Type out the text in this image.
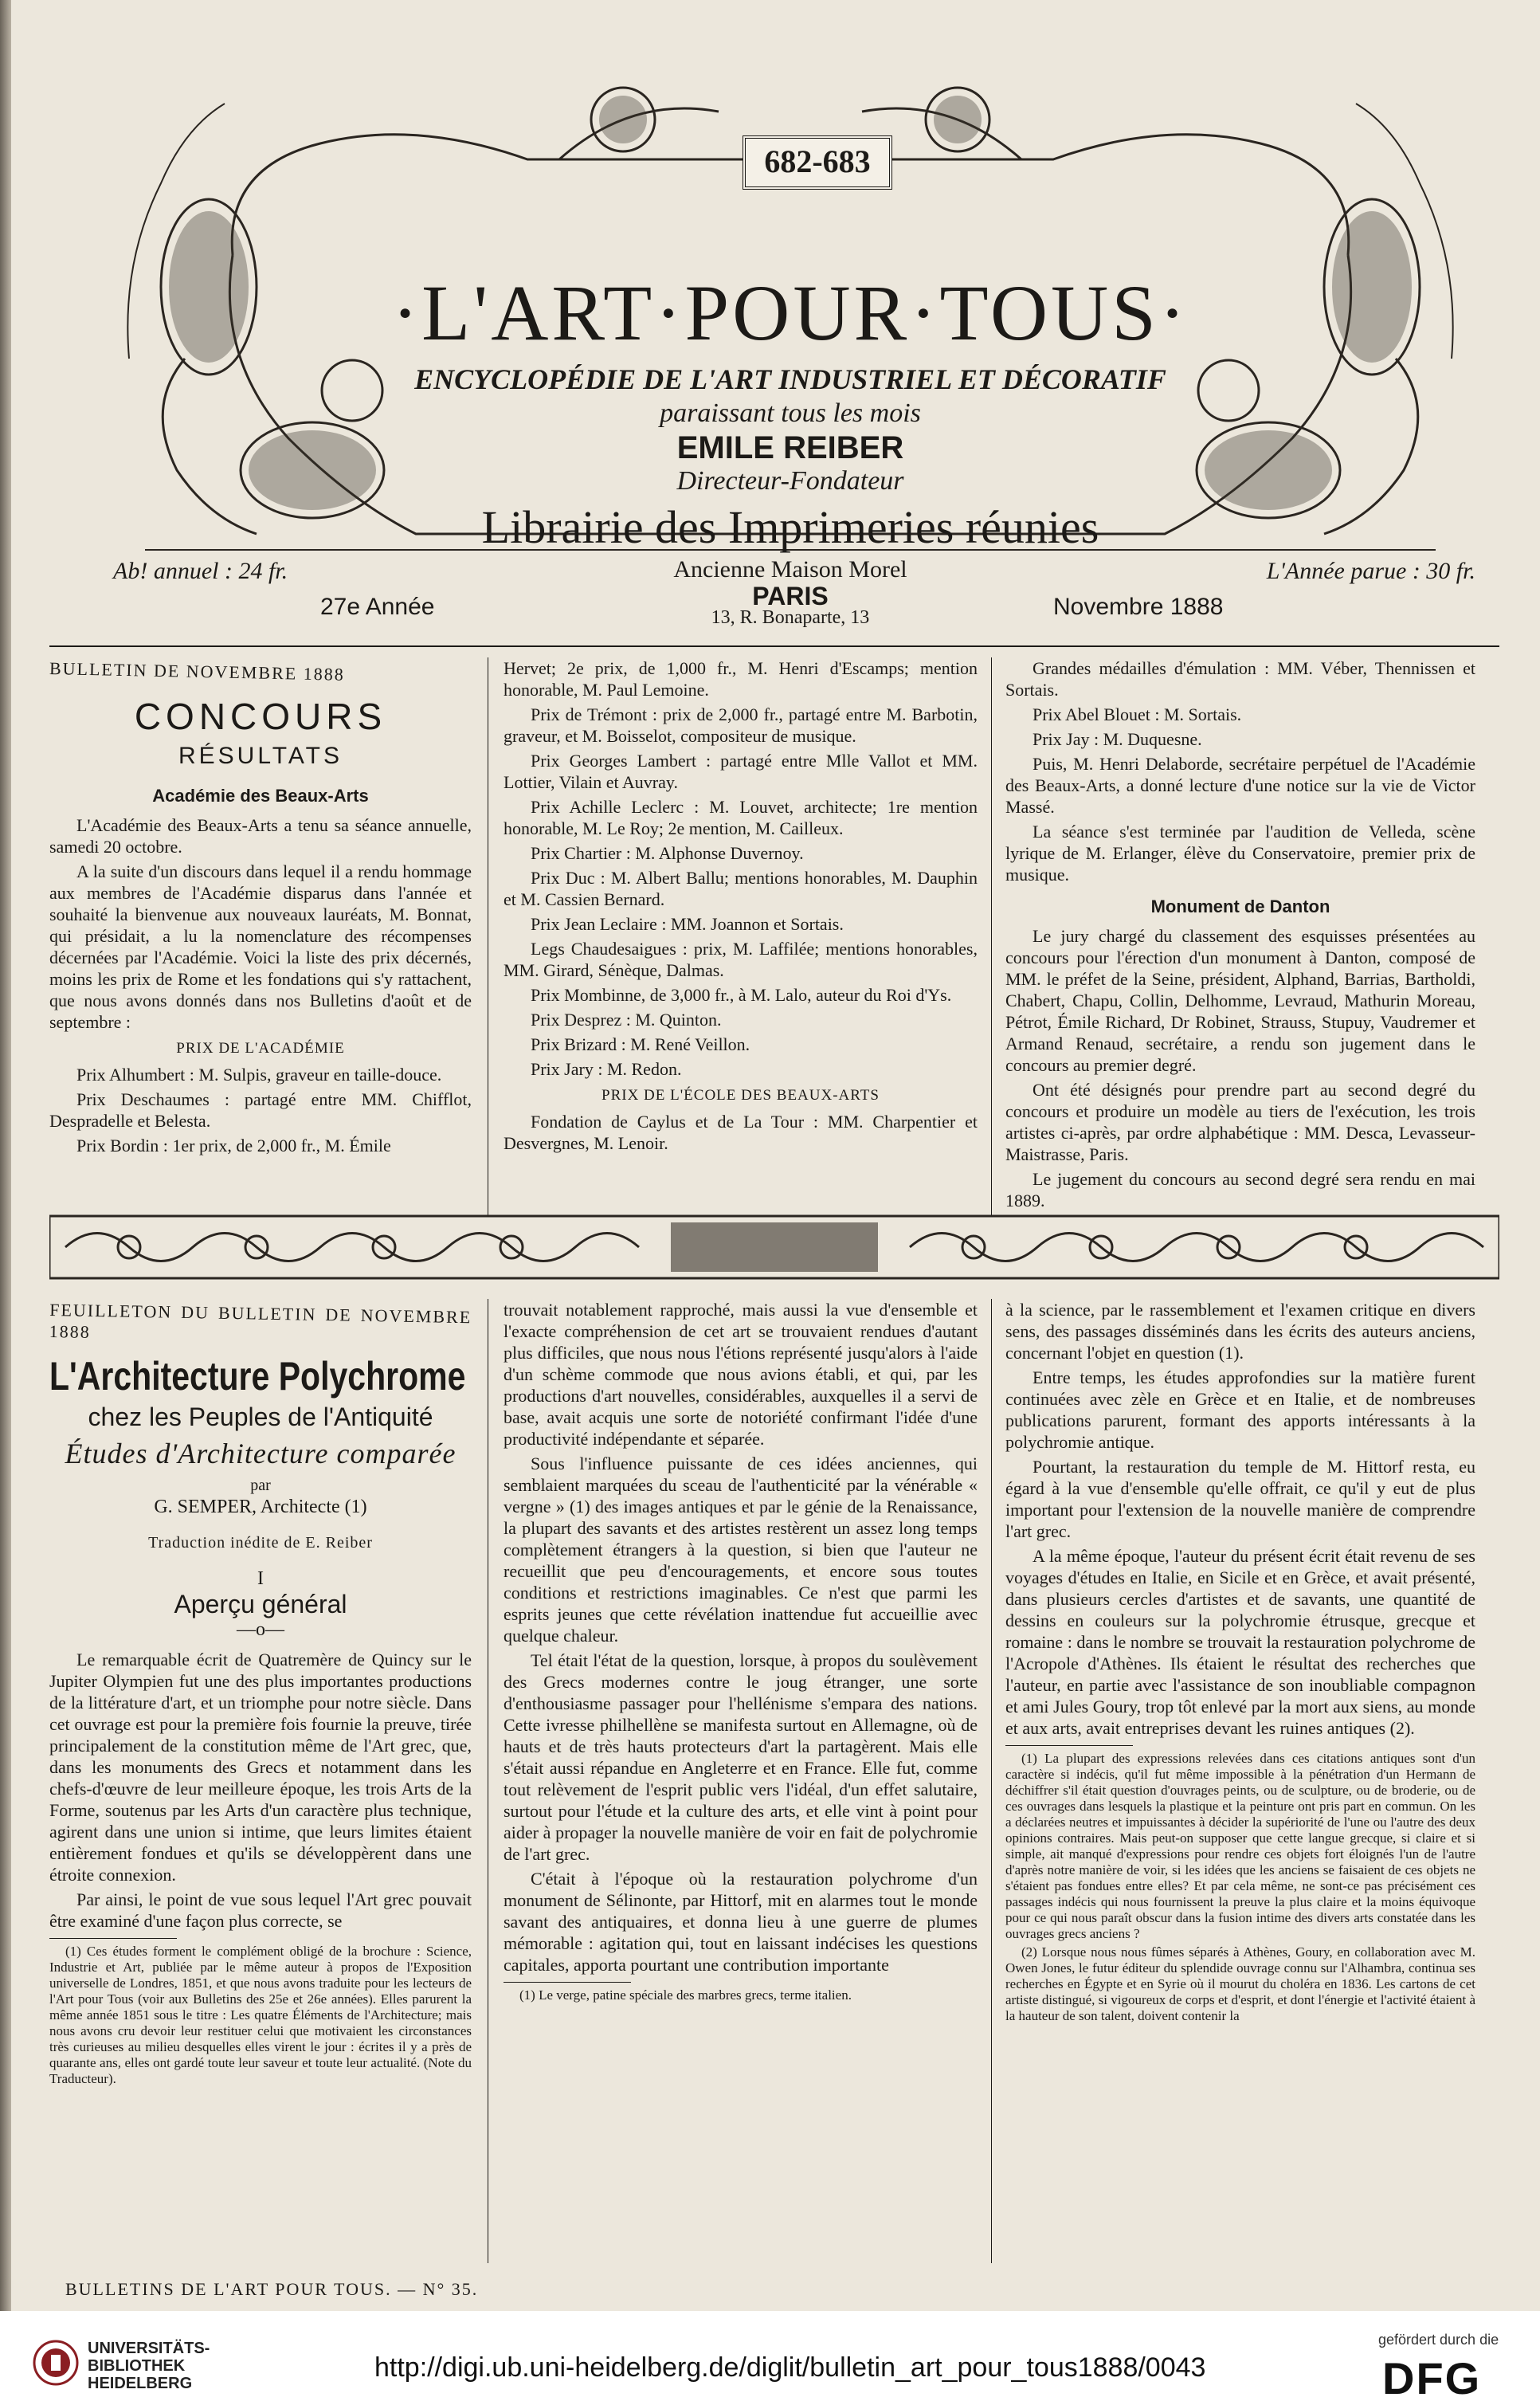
682-683
·L'ART·POUR·TOUS·
ENCYCLOPÉDIE DE L'ART INDUSTRIEL ET DÉCORATIF
paraissant tous les mois
EMILE REIBER
Directeur-Fondateur
Librairie des Imprimeries réunies
Ab! annuel : 24 fr.	L'Année parue : 30 fr.
Ancienne Maison Morel
PARIS
13, R. Bonaparte, 13
27e Année	Novembre 1888
BULLETIN DE NOVEMBRE 1888
CONCOURS
RÉSULTATS
Académie des Beaux-Arts

L'Académie des Beaux-Arts a tenu sa séance annuelle, samedi 20 octobre.

A la suite d'un discours dans lequel il a rendu hommage aux membres de l'Académie disparus dans l'année et souhaité la bienvenue aux nouveaux lauréats, M. Bonnat, qui présidait, a lu la nomenclature des récompenses décernées par l'Académie. Voici la liste des prix décernés, moins les prix de Rome et les fondations qui s'y rattachent, que nous avons donnés dans nos Bulletins d'août et de septembre :

PRIX DE L'ACADÉMIE

Prix Alhumbert : M. Sulpis, graveur en taille-douce.

Prix Deschaumes : partagé entre MM. Chifflot, Despradelle et Belesta.

Prix Bordin : 1er prix, de 2,000 fr., M. Émile

Hervet; 2e prix, de 1,000 fr., M. Henri d'Escamps; mention honorable, M. Paul Lemoine.

Prix de Trémont : prix de 2,000 fr., partagé entre M. Barbotin, graveur, et M. Boisselot, compositeur de musique.

Prix Georges Lambert : partagé entre Mlle Vallot et MM. Lottier, Vilain et Auvray.

Prix Achille Leclerc : M. Louvet, architecte; 1re mention honorable, M. Le Roy; 2e mention, M. Cailleux.

Prix Chartier : M. Alphonse Duvernoy.

Prix Duc : M. Albert Ballu; mentions honorables, M. Dauphin et M. Cassien Bernard.

Prix Jean Leclaire : MM. Joannon et Sortais.

Legs Chaudesaigues : prix, M. Laffilée; mentions honorables, MM. Girard, Sénèque, Dalmas.

Prix Mombinne, de 3,000 fr., à M. Lalo, auteur du Roi d'Ys.

Prix Desprez : M. Quinton.

Prix Brizard : M. René Veillon.

Prix Jary : M. Redon.

PRIX DE L'ÉCOLE DES BEAUX-ARTS

Fondation de Caylus et de La Tour : MM. Charpentier et Desvergnes, M. Lenoir.

Grandes médailles d'émulation : MM. Véber, Thennissen et Sortais.

Prix Abel Blouet : M. Sortais.

Prix Jay : M. Duquesne.

Puis, M. Henri Delaborde, secrétaire perpétuel de l'Académie des Beaux-Arts, a donné lecture d'une notice sur la vie de Victor Massé.

La séance s'est terminée par l'audition de Velleda, scène lyrique de M. Erlanger, élève du Conservatoire, premier prix de musique.

Monument de Danton

Le jury chargé du classement des esquisses présentées au concours pour l'érection d'un monument à Danton, composé de MM. le préfet de la Seine, président, Alphand, Barrias, Bartholdi, Chabert, Chapu, Collin, Delhomme, Levraud, Mathurin Moreau, Pétrot, Émile Richard, Dr Robinet, Strauss, Stupuy, Vaudremer et Armand Renaud, secrétaire, a rendu son jugement dans le concours au premier degré.

Ont été désignés pour prendre part au second degré du concours et produire un modèle au tiers de l'exécution, les trois artistes ci-après, par ordre alphabétique : MM. Desca, Levasseur-Maistrasse, Paris.

Le jugement du concours au second degré sera rendu en mai 1889.

FEUILLETON DU BULLETIN DE NOVEMBRE 1888
L'Architecture Polychrome
chez les Peuples de l'Antiquité
Études d'Architecture comparée
par
G. SEMPER, Architecte (1)
Traduction inédite de E. Reiber
I
Aperçu général
—o—

Le remarquable écrit de Quatremère de Quincy sur le Jupiter Olympien fut une des plus importantes productions de la littérature d'art, et un triomphe pour notre siècle. Dans cet ouvrage est pour la première fois fournie la preuve, tirée principalement de la constitution même de l'Art grec, que, dans les monuments des Grecs et notamment dans les chefs-d'œuvre de leur meilleure époque, les trois Arts de la Forme, soutenus par les Arts d'un caractère plus technique, agirent dans une union si intime, que leurs limites étaient entièrement fondues et qu'ils se développèrent dans une étroite connexion.

Par ainsi, le point de vue sous lequel l'Art grec pouvait être examiné d'une façon plus correcte, se

(1) Ces études forment le complément obligé de la brochure : Science, Industrie et Art, publiée par le même auteur à propos de l'Exposition universelle de Londres, 1851, et que nous avons traduite pour les lecteurs de l'Art pour Tous (voir aux Bulletins des 25e et 26e années). Elles parurent la même année 1851 sous le titre : Les quatre Éléments de l'Architecture; mais nous avons cru devoir leur restituer celui que motivaient les circonstances très curieuses au milieu desquelles elles virent le jour : écrites il y a près de quarante ans, elles ont gardé toute leur saveur et toute leur actualité. (Note du Traducteur).

trouvait notablement rapproché, mais aussi la vue d'ensemble et l'exacte compréhension de cet art se trouvaient rendues d'autant plus difficiles, que nous nous l'étions représenté jusqu'alors à l'aide d'un schème commode que nous avions établi, et qui, par les productions d'art nouvelles, considérables, auxquelles il a servi de base, avait acquis une sorte de notoriété confirmant l'idée d'une productivité indépendante et séparée.

Sous l'influence puissante de ces idées anciennes, qui semblaient marquées du sceau de l'authenticité par la vénérable « vergne » (1) des images antiques et par le génie de la Renaissance, la plupart des savants et des artistes restèrent un assez long temps complètement étrangers à la question, si bien que l'auteur ne recueillit que peu d'encouragements, et encore sous toutes conditions et restrictions imaginables. Ce n'est que parmi les esprits jeunes que cette révélation inattendue fut accueillie avec quelque chaleur.

Tel était l'état de la question, lorsque, à propos du soulèvement des Grecs modernes contre le joug étranger, une sorte d'enthousiasme passager pour l'hellénisme s'empara des nations. Cette ivresse philhellène se manifesta surtout en Allemagne, où de hauts et de très hauts protecteurs d'art la partagèrent. Mais elle s'était aussi répandue en Angleterre et en France. Elle fut, comme tout relèvement de l'esprit public vers l'idéal, d'un effet salutaire, surtout pour l'étude et la culture des arts, et elle vint à point pour aider à propager la nouvelle manière de voir en fait de polychromie de l'art grec.

C'était à l'époque où la restauration polychrome d'un monument de Sélinonte, par Hittorf, mit en alarmes tout le monde savant des antiquaires, et donna lieu à une guerre de plumes mémorable : agitation qui, tout en laissant indécises les questions capitales, apporta pourtant une contribution importante

(1) Le verge, patine spéciale des marbres grecs, terme italien.

à la science, par le rassemblement et l'examen critique en divers sens, des passages disséminés dans les écrits des auteurs anciens, concernant l'objet en question (1).

Entre temps, les études approfondies sur la matière furent continuées avec zèle en Grèce et en Italie, et de nombreuses publications parurent, formant des apports intéressants à la polychromie antique.

Pourtant, la restauration du temple de M. Hittorf resta, eu égard à la vue d'ensemble qu'elle offrait, ce qu'il y eut de plus important pour l'extension de la nouvelle manière de comprendre l'art grec.

A la même époque, l'auteur du présent écrit était revenu de ses voyages d'études en Italie, en Sicile et en Grèce, et avait présenté, dans plusieurs cercles d'artistes et de savants, une quantité de dessins en couleurs sur la polychromie étrusque, grecque et romaine : dans le nombre se trouvait la restauration polychrome de l'Acropole d'Athènes. Ils étaient le résultat des recherches que l'auteur, en partie avec l'assistance de son inoubliable compagnon et ami Jules Goury, trop tôt enlevé par la mort aux siens, au monde et aux arts, avait entreprises devant les ruines antiques (2).

(1) La plupart des expressions relevées dans ces citations antiques sont d'un caractère si indécis, qu'il fut même impossible à la pénétration d'un Hermann de déchiffrer s'il était question d'ouvrages peints, ou de sculpture, ou de broderie, ou de ces ouvrages dans lesquels la plastique et la peinture ont pris part en commun. On les a déclarées neutres et impuissantes à décider la supériorité de l'une ou l'autre des deux opinions contraires. Mais peut-on supposer que cette langue grecque, si claire et si simple, ait manqué d'expressions pour rendre ces objets fort éloignés l'un de l'autre d'après notre manière de voir, si les idées que les anciens se faisaient de ces objets ne s'étaient pas fondues entre elles? Et par cela même, ne sont-ce pas précisément ces passages indécis qui nous fournissent la preuve la plus claire et la moins équivoque pour ce qui nous paraît obscur dans la fusion intime des divers arts constatée dans les ouvrages grecs anciens ?

(2) Lorsque nous nous fûmes séparés à Athènes, Goury, en collaboration avec M. Owen Jones, le futur éditeur du splendide ouvrage connu sur l'Alhambra, continua ses recherches en Égypte et en Syrie où il mourut du choléra en 1836. Les cartons de cet artiste distingué, si vigoureux de corps et d'esprit, et dont l'énergie et l'activité étaient à la hauteur de son talent, doivent contenir la

BULLETINS DE L'ART POUR TOUS. — N° 35.
UNIVERSITÄTS-
BIBLIOTHEK
HEIDELBERG
http://digi.ub.uni-heidelberg.de/diglit/bulletin_art_pour_tous1888/0043
gefördert durch die
DFG
